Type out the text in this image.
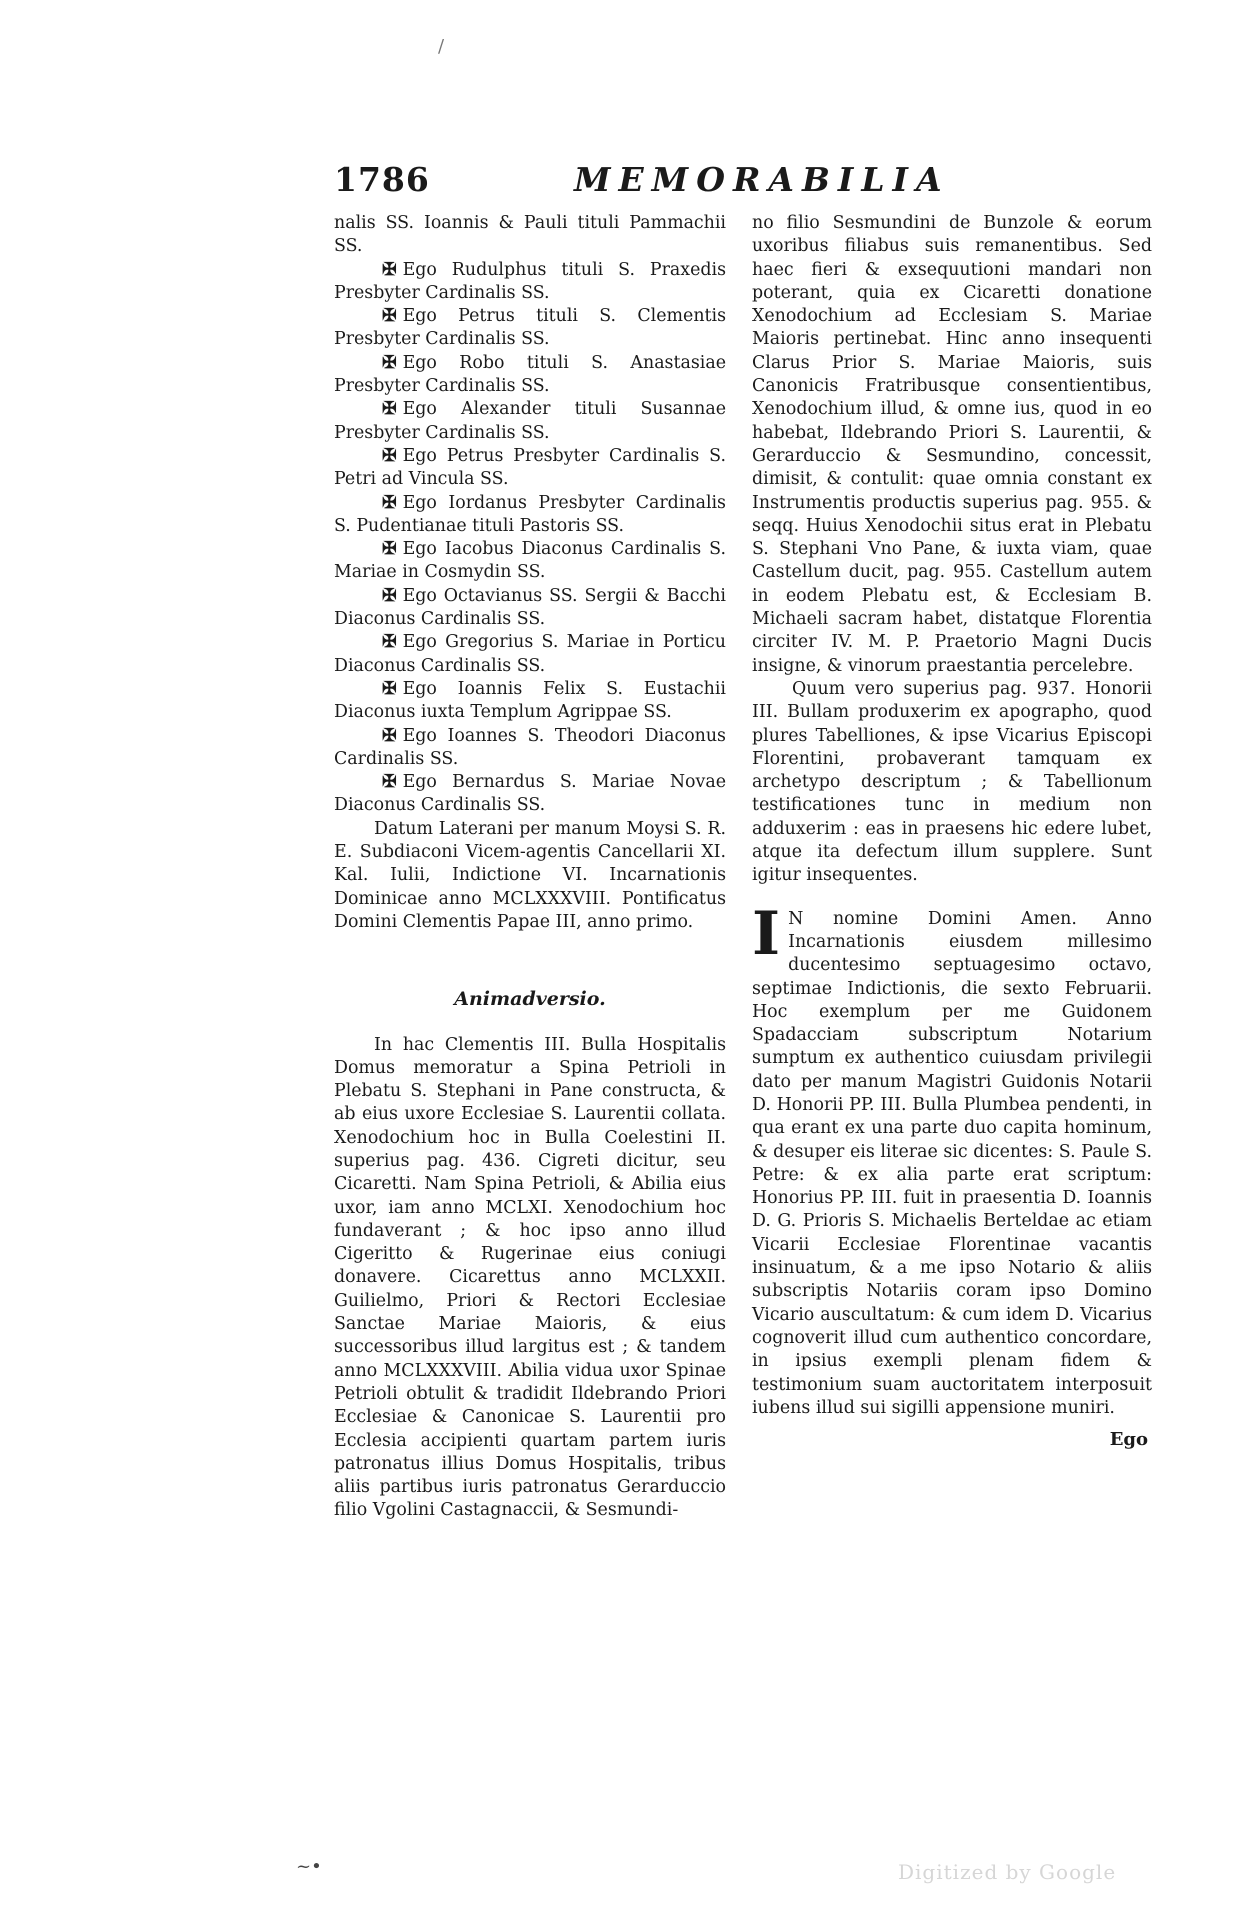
/
1786	MEMORABILIA

nalis SS. Ioannis & Pauli tituli Pammachii SS.

✠ Ego Rudulphus tituli S. Praxedis Presbyter Cardinalis SS.

✠ Ego Petrus tituli S. Clementis Presbyter Cardinalis SS.

✠ Ego Robo tituli S. Anastasiae Presbyter Cardinalis SS.

✠ Ego Alexander tituli Susannae Presbyter Cardinalis SS.

✠ Ego Petrus Presbyter Cardinalis S. Petri ad Vincula SS.

✠ Ego Iordanus Presbyter Cardinalis S. Pudentianae tituli Pastoris SS.

✠ Ego Iacobus Diaconus Cardinalis S. Mariae in Cosmydin SS.

✠ Ego Octavianus SS. Sergii & Bacchi Diaconus Cardinalis SS.

✠ Ego Gregorius S. Mariae in Porticu Diaconus Cardinalis SS.

✠ Ego Ioannis Felix S. Eustachii Diaconus iuxta Templum Agrippae SS.

✠ Ego Ioannes S. Theodori Diaconus Cardinalis SS.

✠ Ego Bernardus S. Mariae Novae Diaconus Cardinalis SS.

Datum Laterani per manum Moysi S. R. E. Subdiaconi Vicem-agentis Cancellarii XI. Kal. Iulii, Indictione VI. Incarnationis Dominicae anno MCLXXXVIII. Pontificatus Domini Clementis Papae III, anno primo.

Animadversio.

In hac Clementis III. Bulla Hospitalis Domus memoratur a Spina Petrioli in Plebatu S. Stephani in Pane constructa, & ab eius uxore Ecclesiae S. Laurentii collata. Xenodochium hoc in Bulla Coelestini II. superius pag. 436. Cigreti dicitur, seu Cicaretti. Nam Spina Petrioli, & Abilia eius uxor, iam anno MCLXI. Xenodochium hoc fundaverant ; & hoc ipso anno illud Cigeritto & Rugerinae eius coniugi donavere. Cicarettus anno MCLXXII. Guilielmo, Priori & Rectori Ecclesiae Sanctae Mariae Maioris, & eius successoribus illud largitus est ; & tandem anno MCLXXXVIII. Abilia vidua uxor Spinae Petrioli obtulit & tradidit Ildebrando Priori Ecclesiae & Canonicae S. Laurentii pro Ecclesia accipienti quartam partem iuris patronatus illius Domus Hospitalis, tribus aliis partibus iuris patronatus Gerarduccio filio Vgolini Castagnaccii, & Sesmundi-

no filio Sesmundini de Bunzole & eorum uxoribus filiabus suis remanentibus. Sed haec fieri & exsequutioni mandari non poterant, quia ex Cicaretti donatione Xenodochium ad Ecclesiam S. Mariae Maioris pertinebat. Hinc anno insequenti Clarus Prior S. Mariae Maioris, suis Canonicis Fratribusque consentientibus, Xenodochium illud, & omne ius, quod in eo habebat, Ildebrando Priori S. Laurentii, & Gerarduccio & Sesmundino, concessit, dimisit, & contulit: quae omnia constant ex Instrumentis productis superius pag. 955. & seqq. Huius Xenodochii situs erat in Plebatu S. Stephani Vno Pane, & iuxta viam, quae Castellum ducit, pag. 955. Castellum autem in eodem Plebatu est, & Ecclesiam B. Michaeli sacram habet, distatque Florentia circiter IV. M. P. Praetorio Magni Ducis insigne, & vinorum praestantia percelebre.

Quum vero superius pag. 937. Honorii III. Bullam produxerim ex apographo, quod plures Tabelliones, & ipse Vicarius Episcopi Florentini, probaverant tamquam ex archetypo descriptum ; & Tabellionum testificationes tunc in medium non adduxerim : eas in praesens hic edere lubet, atque ita defectum illum supplere. Sunt igitur insequentes.

I N nomine Domini Amen. Anno Incarnationis eiusdem millesimo ducentesimo septuagesimo octavo, septimae Indictionis, die sexto Februarii. Hoc exemplum per me Guidonem Spadacciam subscriptum Notarium sumptum ex authentico cuiusdam privilegii dato per manum Magistri Guidonis Notarii D. Honorii PP. III. Bulla Plumbea pendenti, in qua erant ex una parte duo capita hominum, & desuper eis literae sic dicentes: S. Paule S. Petre: & ex alia parte erat scriptum: Honorius PP. III. fuit in praesentia D. Ioannis D. G. Prioris S. Michaelis Berteldae ac etiam Vicarii Ecclesiae Florentinae vacantis insinuatum, & a me ipso Notario & aliis subscriptis Notariis coram ipso Domino Vicario auscultatum: & cum idem D. Vicarius cognoverit illud cum authentico concordare, in ipsius exempli plenam fidem & testimonium suam auctoritatem interposuit iubens illud sui sigilli appensione muniri.
Ego
~•	Digitized by Google
